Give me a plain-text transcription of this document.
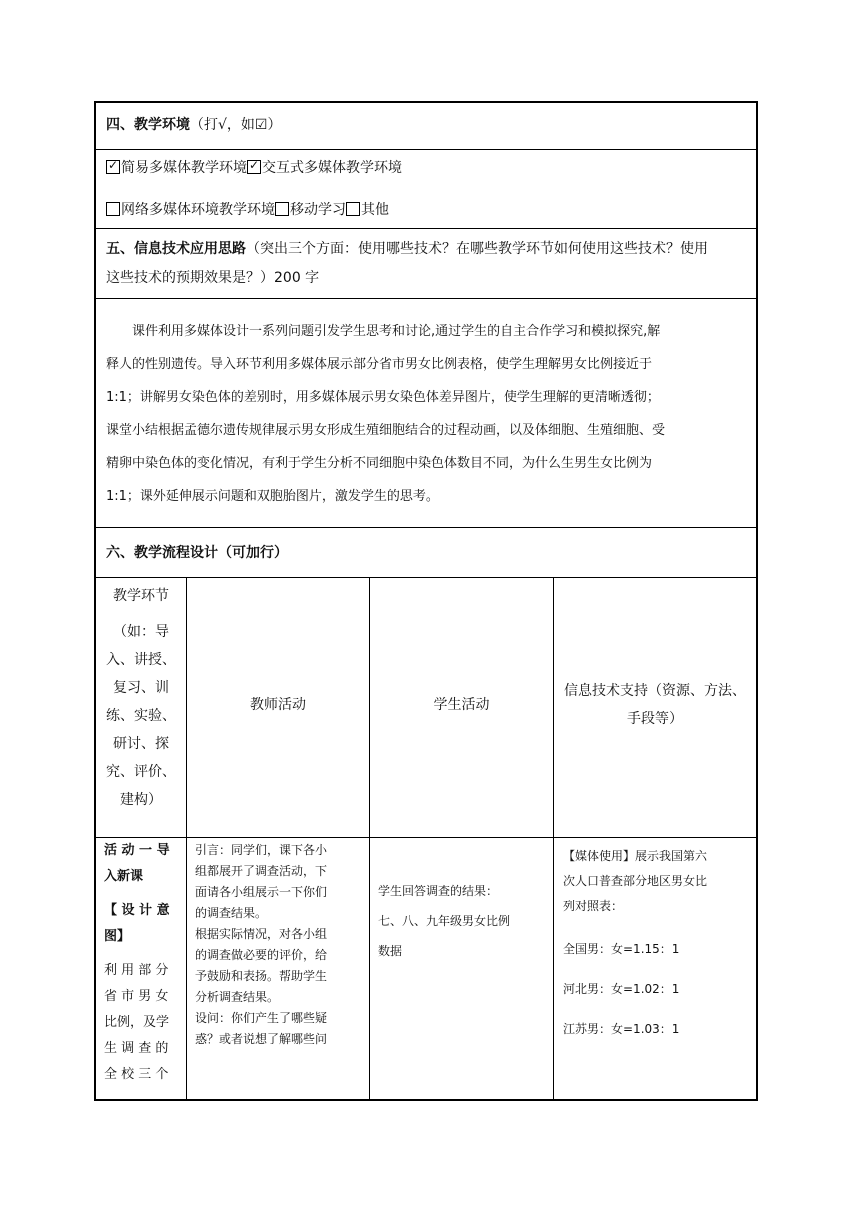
四、教学环境（打√，如☑）
✓简易多媒体教学环境✓ 交互式多媒体教学环境
网络多媒体环境教学环境 移动学习 其他
五、信息技术应用思路（突出三个方面：使用哪些技术？在哪些教学环节如何使用这些技术？使用
这些技术的预期效果是？）200 字
课件利用多媒体设计一系列问题引发学生思考和讨论,通过学生的自主合作学习和模拟探究,解
释人的性别遗传。导入环节利用多媒体展示部分省市男女比例表格，使学生理解男女比例接近于
1:1；讲解男女染色体的差别时，用多媒体展示男女染色体差异图片，使学生理解的更清晰透彻；
课堂小结根据孟德尔遗传规律展示男女形成生殖细胞结合的过程动画，以及体细胞、生殖细胞、受
精卵中染色体的变化情况，有利于学生分析不同细胞中染色体数目不同，为什么生男生女比例为
1:1；课外延伸展示问题和双胞胎图片，激发学生的思考。
六、教学流程设计（可加行）
教学环节
（如：导
入、讲授、
复习、训
练、实验、
研讨、探
究、评价、
建构）
教师活动	学生活动
信息技术支持（资源、方法、
手段等）
活 动 一 导
入新课
【 设 计 意
图】
利 用 部 分
省 市 男 女
比例，及学
生 调 查 的
全 校 三 个
引言：同学们，课下各小
组都展开了调查活动，下
面请各小组展示一下你们
的调查结果。
根据实际情况，对各小组
的调查做必要的评价，给
予鼓励和表扬。帮助学生
分析调查结果。
设问：你们产生了哪些疑
惑？或者说想了解哪些问
学生回答调查的结果：
七、八、九年级男女比例
数据
【媒体使用】展示我国第六
次人口普查部分地区男女比
列对照表：
全国男：女=1.15：1
河北男：女=1.02：1
江苏男：女=1.03：1
